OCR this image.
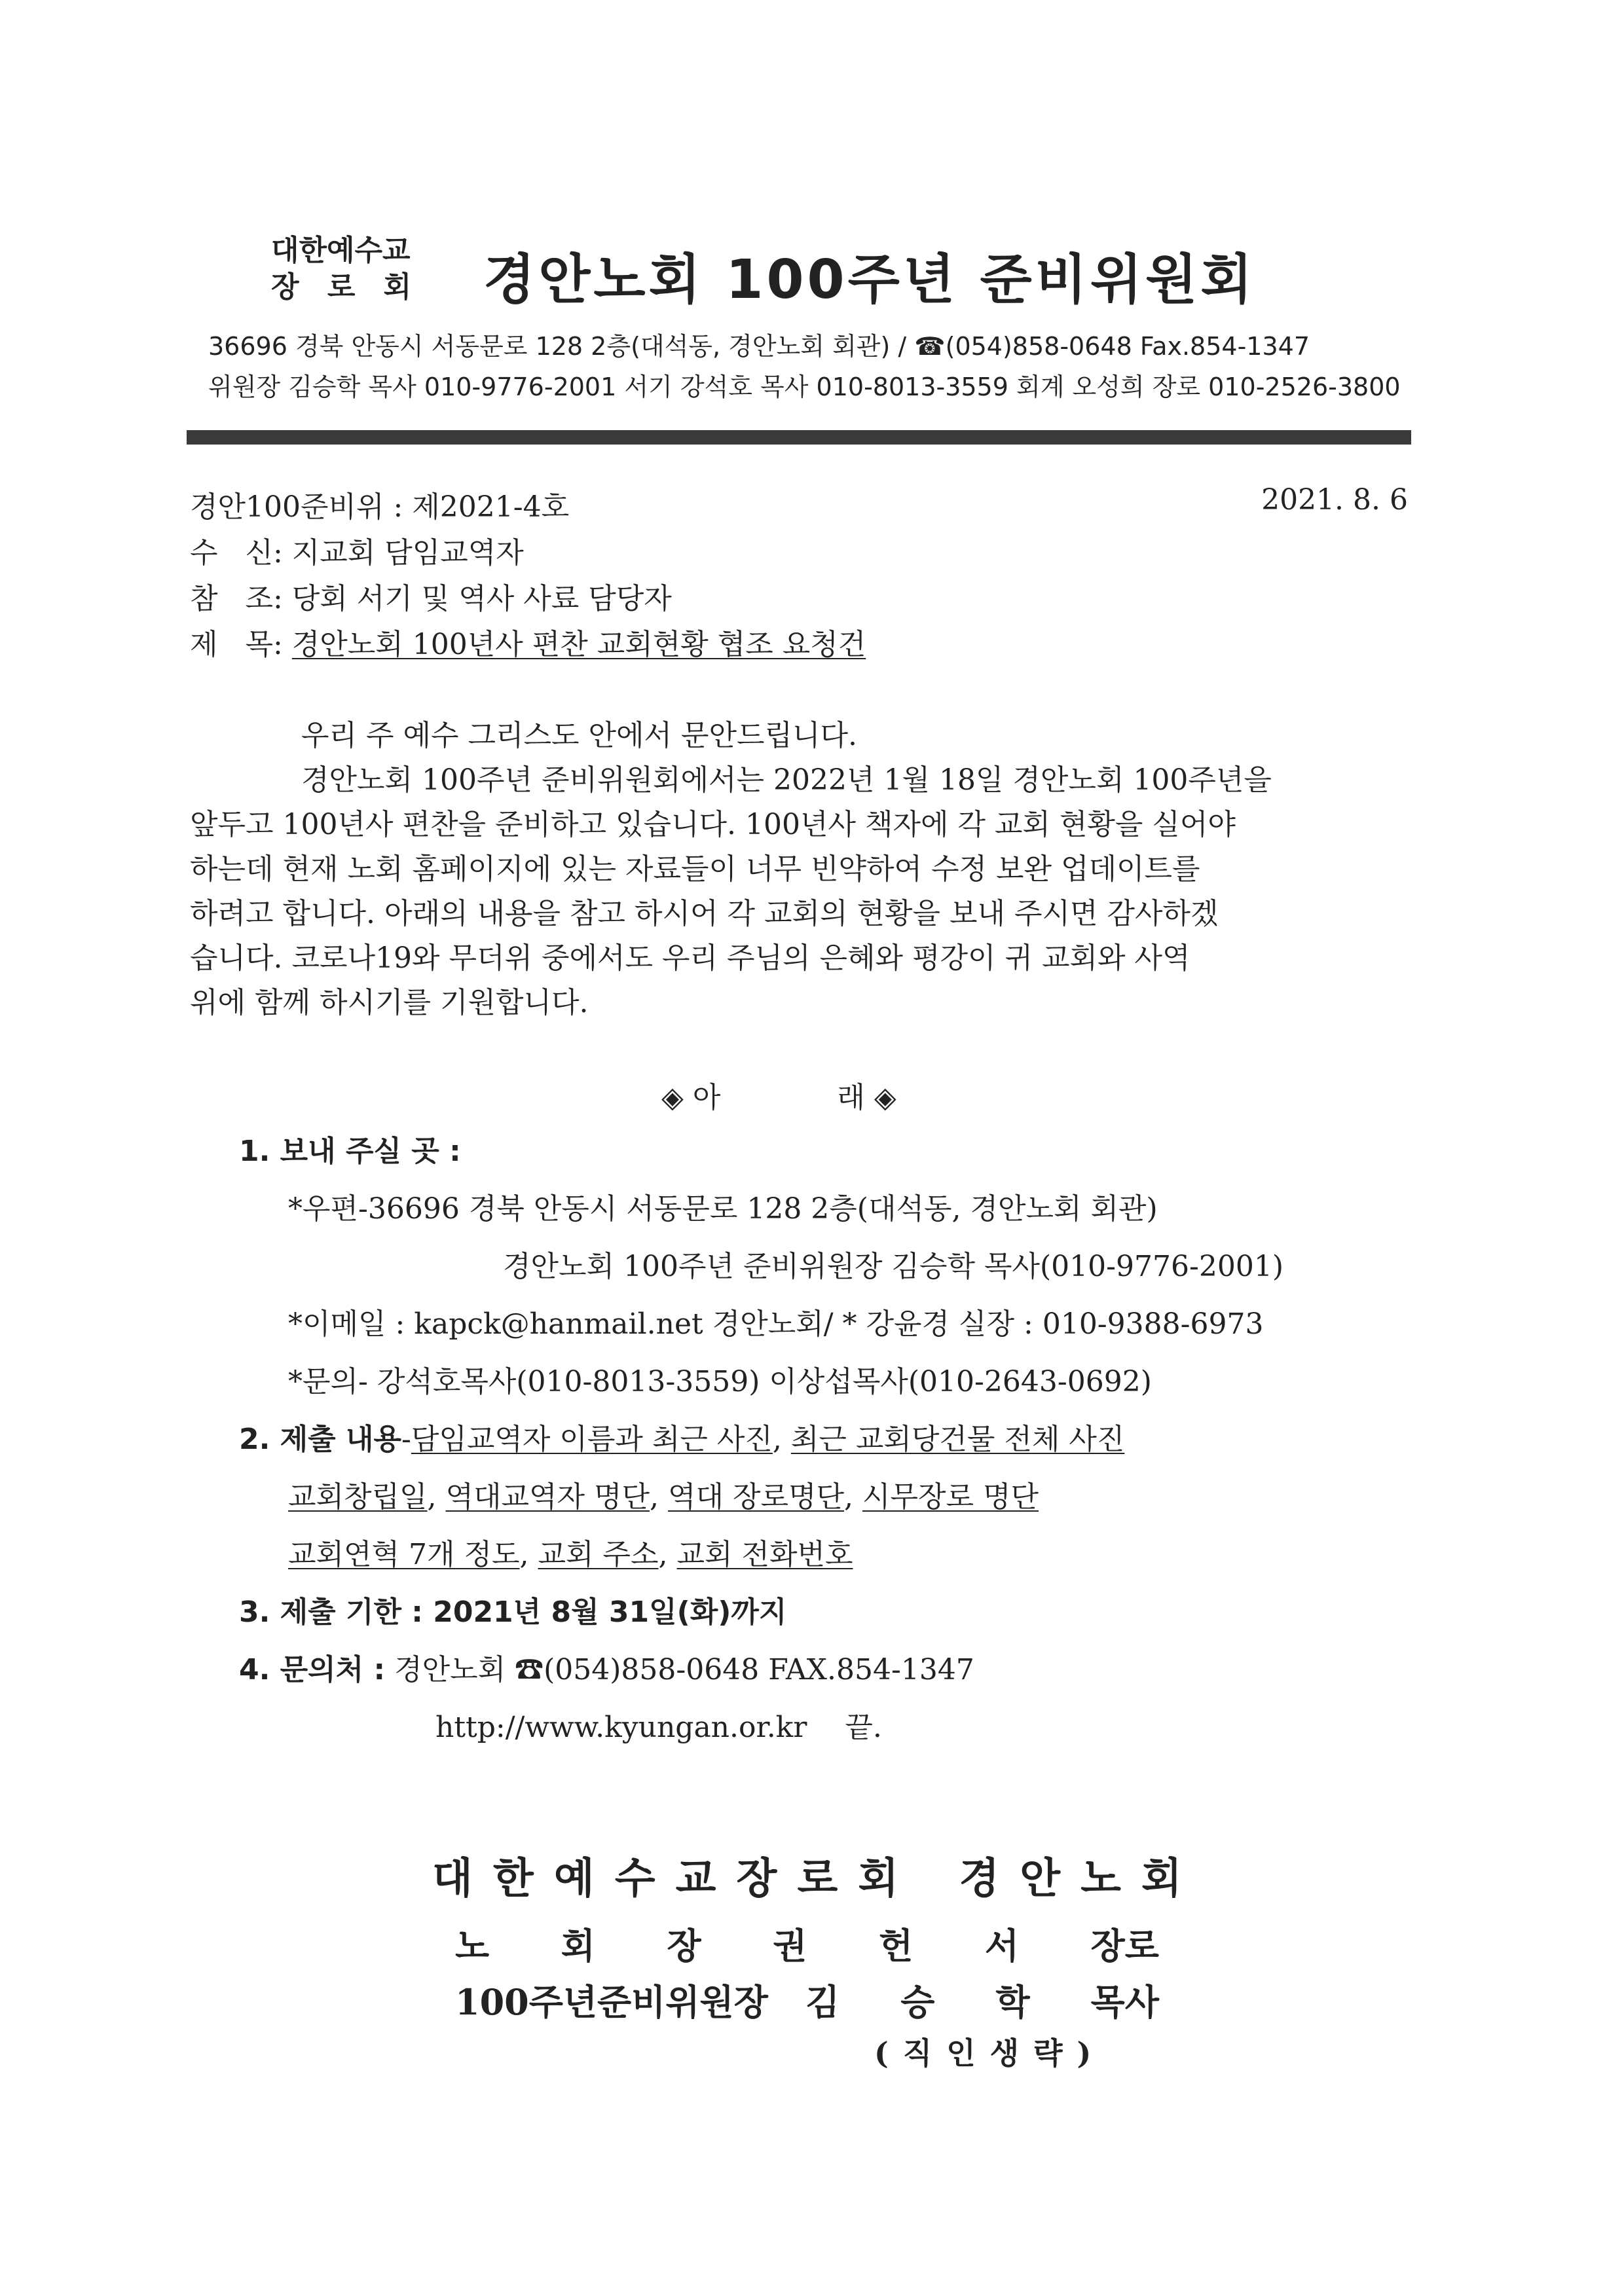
대한예수교
장 로 회 경안노회 100주년 준비위원회
36696 경북 안동시 서동문로 128 2층(대석동, 경안노회 회관) / ☎(054)858-0648 Fax.854-1347
위원장 김승학 목사 010-9776-2001 서기 강석호 목사 010-8013-3559 회계 오성희 장로 010-2526-3800
경안100준비위 : 제2021-4호	2021. 8. 6
수   신: 지교회 담임교역자
참   조: 당회 서기 및 역사 사료 담당자
제   목: 경안노회 100년사 편찬 교회현황 협조 요청건
우리 주 예수 그리스도 안에서 문안드립니다.
경안노회 100주년 준비위원회에서는 2022년 1월 18일 경안노회 100주년을
앞두고 100년사 편찬을 준비하고 있습니다. 100년사 책자에 각 교회 현황을 실어야
하는데 현재 노회 홈페이지에 있는 자료들이 너무 빈약하여 수정 보완 업데이트를
하려고 합니다. 아래의 내용을 참고 하시어 각 교회의 현황을 보내 주시면 감사하겠
습니다. 코로나19와 무더위 중에서도 우리 주님의 은혜와 평강이 귀 교회와 사역
위에 함께 하시기를 기원합니다.
◈ 아	래 ◈
1. 보내 주실 곳 :
*우편-36696 경북 안동시 서동문로 128 2층(대석동, 경안노회 회관)
경안노회 100주년 준비위원장 김승학 목사(010-9776-2001)
*이메일 : kapck@hanmail.net 경안노회/ * 강윤경 실장 : 010-9388-6973
*문의- 강석호목사(010-8013-3559) 이상섭목사(010-2643-0692)
2. 제출 내용-담임교역자 이름과 최근 사진, 최근 교회당건물 전체 사진
교회창립일, 역대교역자 명단, 역대 장로명단, 시무장로 명단
교회연혁 7개 정도, 교회 주소, 교회 전화번호
3. 제출 기한 : 2021년 8월 31일(화)까지
4. 문의처 : 경안노회 ☎(054)858-0648 FAX.854-1347
http://www.kyungan.or.kr 끝.
대 한 예 수 교 장 로 회 경 안 노 회
노 회 장 권 헌 서 장로
100주년준비위원장 김 승 학 목사
(직인생략)
